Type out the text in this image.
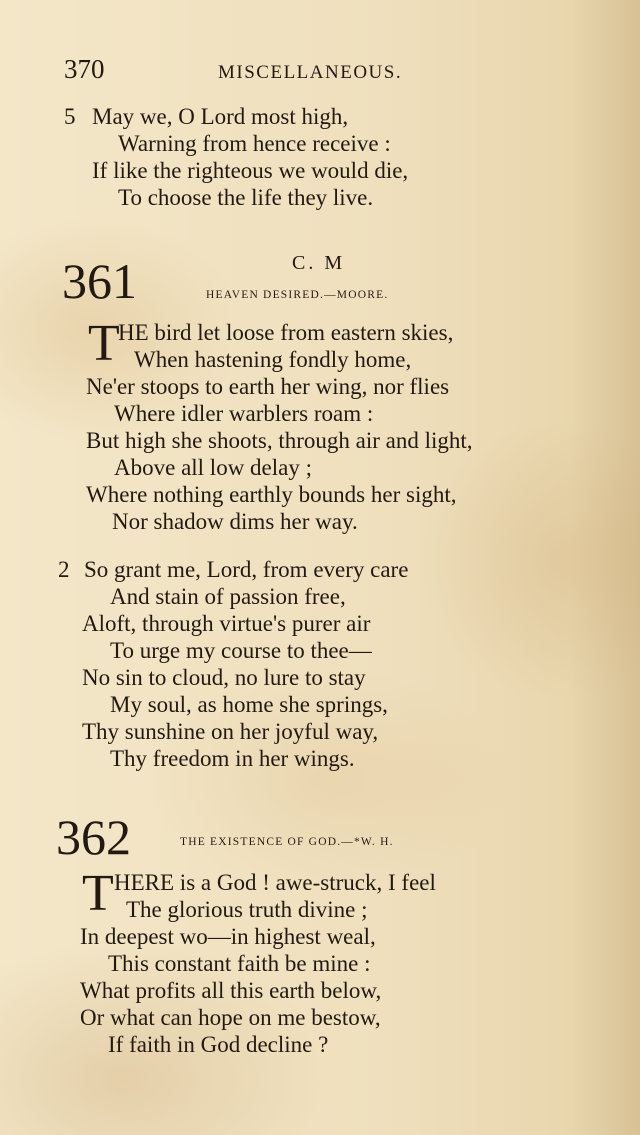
370	MISCELLANEOUS.
5 May we, O Lord most high,
Warning from hence receive :
If like the righteous we would die,
To choose the life they live.
361	C. M
HEAVEN DESIRED.—MOORE.
T
HE bird let loose from eastern skies,
When hastening fondly home,
Ne'er stoops to earth her wing, nor flies
Where idler warblers roam :
But high she shoots, through air and light,
Above all low delay ;
Where nothing earthly bounds her sight,
Nor shadow dims her way.
2 So grant me, Lord, from every care
And stain of passion free,
Aloft, through virtue's purer air
To urge my course to thee—
No sin to cloud, no lure to stay
My soul, as home she springs,
Thy sunshine on her joyful way,
Thy freedom in her wings.
362	THE EXISTENCE OF GOD.—*W. H.
T HERE is a God ! awe-struck, I feel
The glorious truth divine ;
In deepest wo—in highest weal,
This constant faith be mine :
What profits all this earth below,
Or what can hope on me bestow,
If faith in God decline ?
